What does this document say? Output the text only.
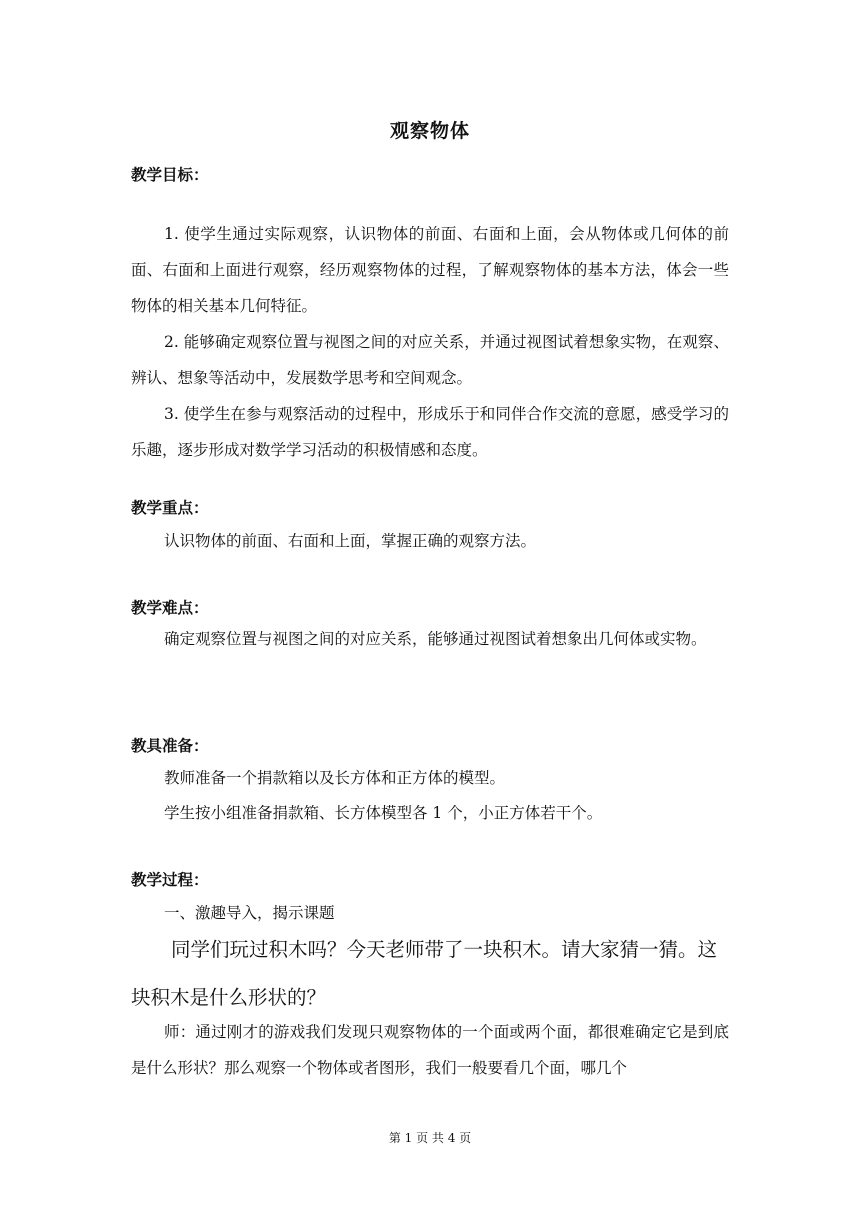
观察物体
教学目标：
1. 使学生通过实际观察，认识物体的前面、右面和上面，会从物体或几何体的前面、右面和上面进行观察，经历观察物体的过程，了解观察物体的基本方法，体会一些物体的相关基本几何特征。
2. 能够确定观察位置与视图之间的对应关系，并通过视图试着想象实物，在观察、辨认、想象等活动中，发展数学思考和空间观念。
3. 使学生在参与观察活动的过程中，形成乐于和同伴合作交流的意愿，感受学习的乐趣，逐步形成对数学学习活动的积极情感和态度。
教学重点：
认识物体的前面、右面和上面，掌握正确的观察方法。
教学难点：
确定观察位置与视图之间的对应关系，能够通过视图试着想象出几何体或实物。
教具准备：
教师准备一个捐款箱以及长方体和正方体的模型。
学生按小组准备捐款箱、长方体模型各 1 个，小正方体若干个。
教学过程：
一、激趣导入，揭示课题
同学们玩过积木吗？今天老师带了一块积木。请大家猜一猜。这块积木是什么形状的？
师：通过刚才的游戏我们发现只观察物体的一个面或两个面，都很难确定它是到底是什么形状？那么观察一个物体或者图形，我们一般要看几个面，哪几个
第 1 页 共 4 页
